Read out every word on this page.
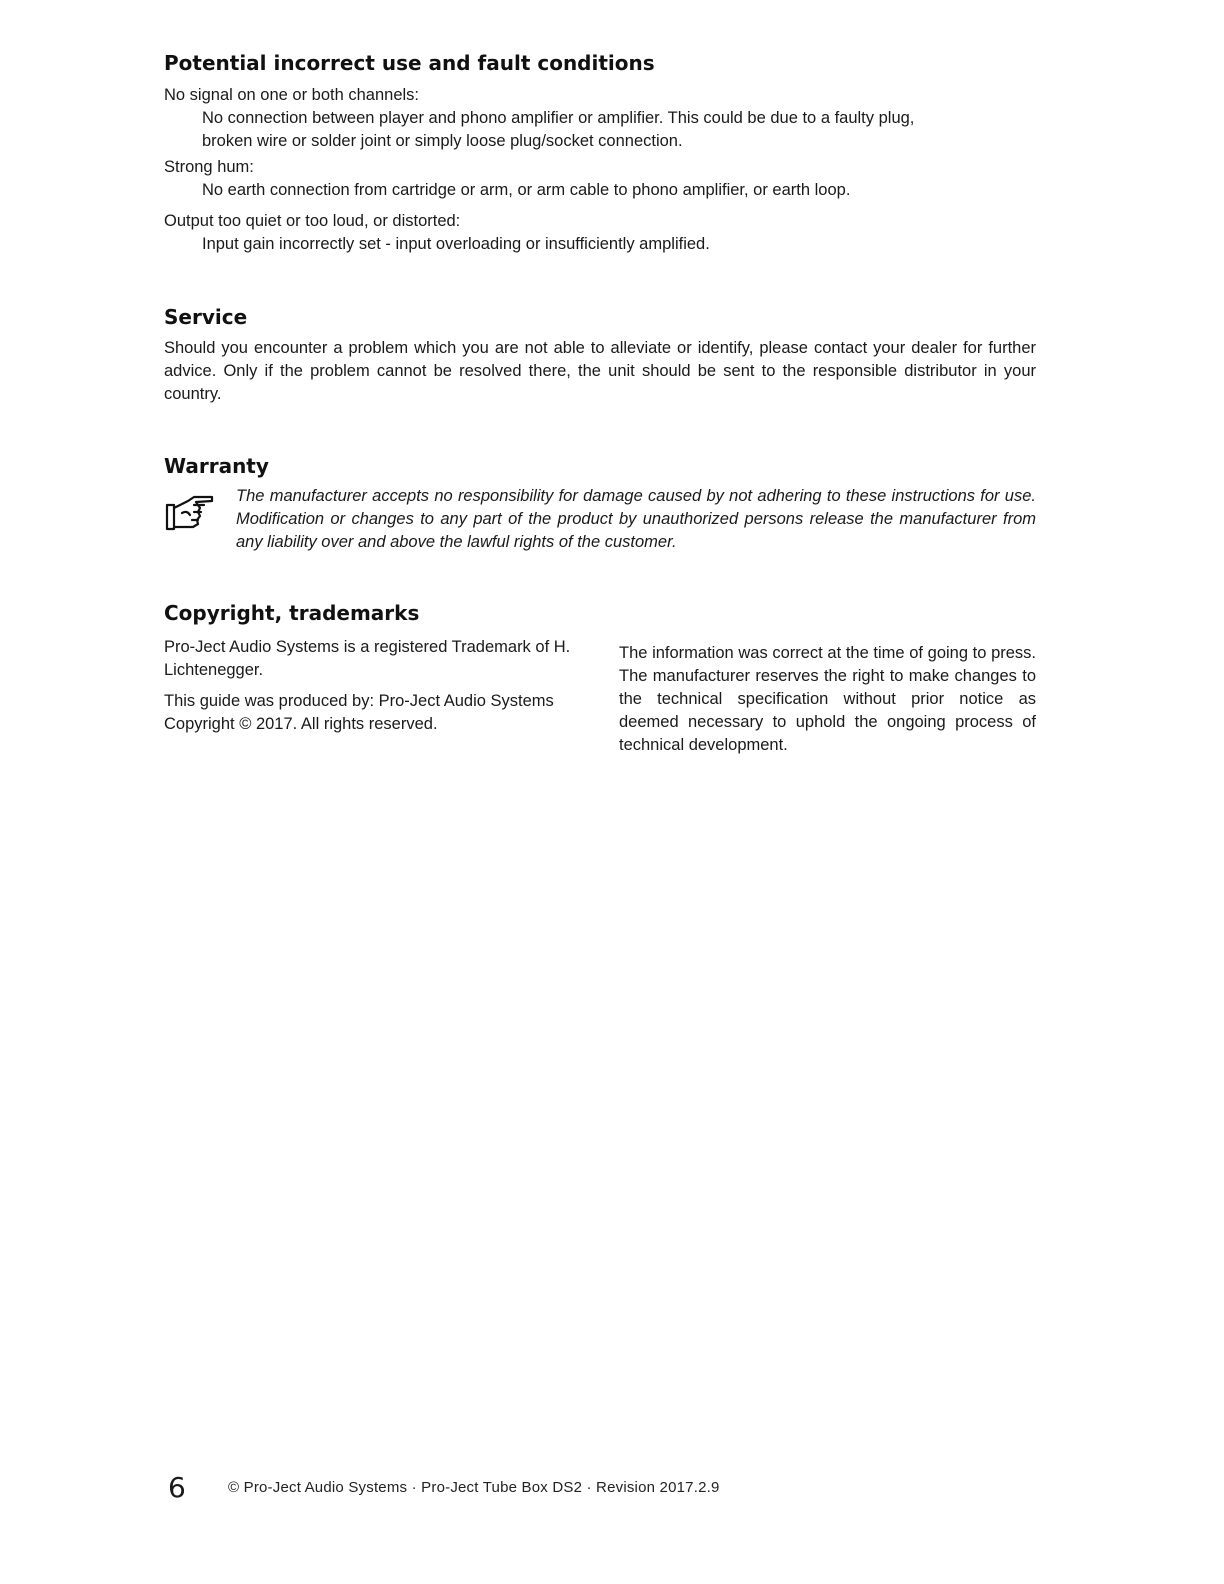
Potential incorrect use and fault conditions

No signal on one or both channels:

No connection between player and phono amplifier or amplifier. This could be due to a faulty plug,

broken wire or solder joint or simply loose plug/socket connection.

Strong hum:

No earth connection from cartridge or arm, or arm cable to phono amplifier, or earth loop.

Output too quiet or too loud, or distorted:

Input gain incorrectly set - input overloading or insufficiently amplified.

Service

Should you encounter a problem which you are not able to alleviate or identify, please contact your dealer for further advice. Only if the problem cannot be resolved there, the unit should be sent to the responsible distributor in your country.

Warranty

The manufacturer accepts no responsibility for damage caused by not adhering to these instructions for use. Modification or changes to any part of the product by unauthorized persons release the manufacturer from any liability over and above the lawful rights of the customer.

Copyright, trademarks

Pro-Ject Audio Systems is a registered Trademark of H. Lichtenegger.

This guide was produced by: Pro-Ject Audio Systems Copyright © 2017. All rights reserved.

The information was correct at the time of going to press. The manufacturer reserves the right to make changes to the technical specification without prior notice as deemed necessary to uphold the ongoing process of technical development.

6	© Pro-Ject Audio Systems · Pro-Ject Tube Box DS2 · Revision 2017.2.9
